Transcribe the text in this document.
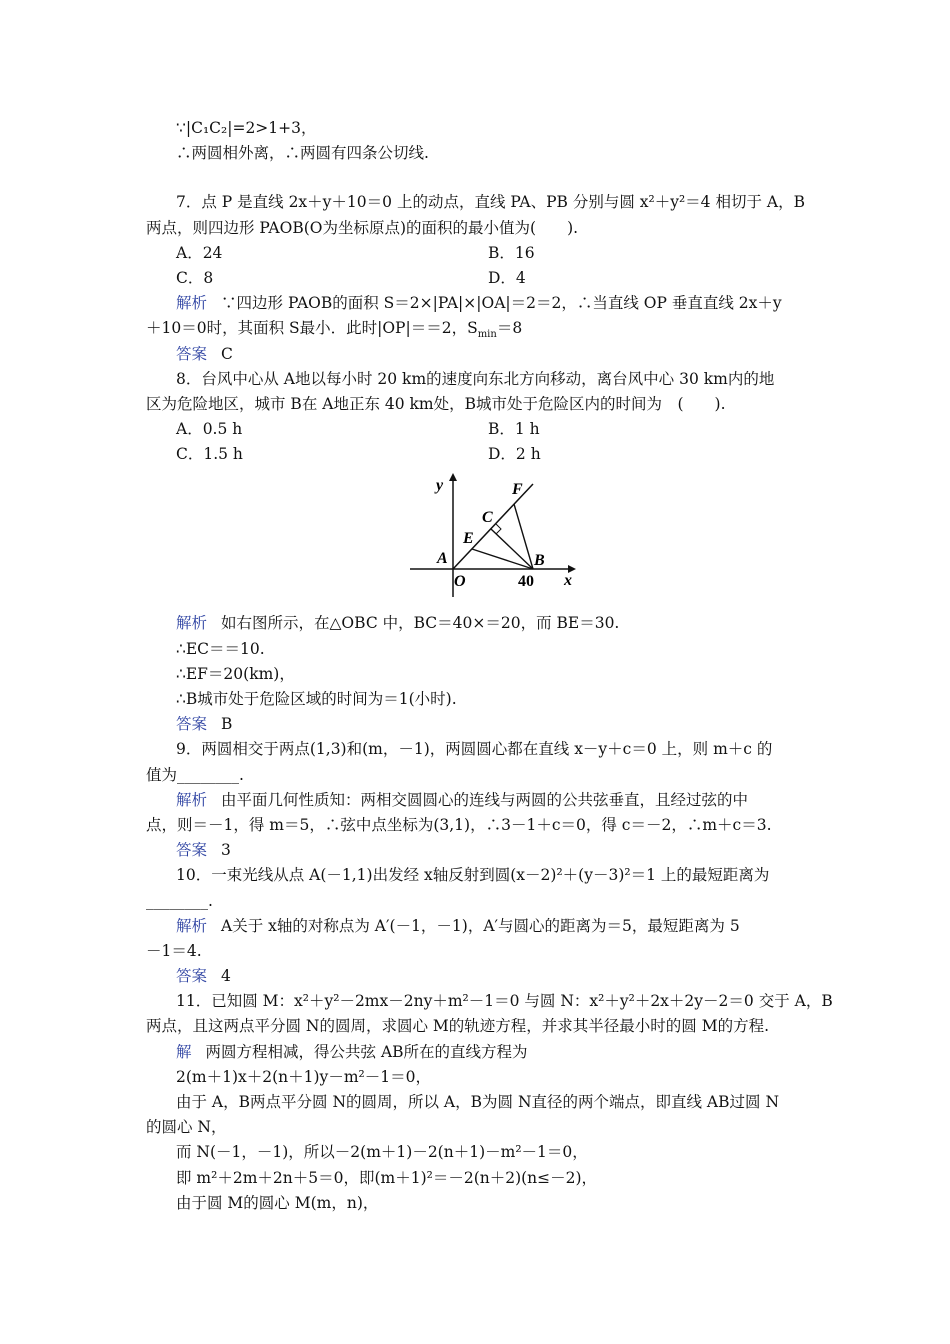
∵|C₁C₂|=2>1+3，
∴两圆相外离，∴两圆有四条公切线.
7．点 P 是直线 2x＋y＋10＝0 上的动点，直线 PA、PB 分别与圆 x²＋y²＝4 相切于 A，B
两点，则四边形 PAOB(O为坐标原点)的面积的最小值为(　　).
A．24	B．16
C．8	D．4
解析 ∵四边形 PAOB的面积 S＝2×|PA|×|OA|＝2＝2，∴当直线 OP 垂直直线 2x＋y
＋10＝0时，其面积 S最小．此时|OP|＝＝2，$S_{min}=8$
答案 C
8．台风中心从 A地以每小时 20 km的速度向东北方向移动，离台风中心 30 km内的地
区为危险地区，城市 B在 A地正东 40 km处，B城市处于危险区内的时间为　(　　).
A．0.5 h	B．1 h
C．1.5 h	D．2 h
y
x
F
C
E
A
O
B
40
解析 如右图所示，在△OBC 中，BC＝40×＝20，而 BE＝30.
∴EC＝＝10.
∴EF＝20(km)，
∴B城市处于危险区域的时间为＝1(小时).
答案 B
9．两圆相交于两点(1,3)和(m，－1)，两圆圆心都在直线 x－y＋c＝0 上，则 m＋c 的
值为________.
解析 由平面几何性质知：两相交圆圆心的连线与两圆的公共弦垂直，且经过弦的中
点，则＝－1，得 m＝5，∴弦中点坐标为(3,1)，∴3－1＋c＝0，得 c＝－2，∴m＋c＝3.
答案 3
10．一束光线从点 A(－1,1)出发经 x轴反射到圆(x－2)²＋(y－3)²＝1 上的最短距离为
________.
解析 A关于 x轴的对称点为 A′(－1，－1)，A′与圆心的距离为＝5，最短距离为 5
－1＝4.
答案 4
11．已知圆 M：x²＋y²－2mx－2ny＋m²－1＝0 与圆 N：x²＋y²＋2x＋2y－2＝0 交于 A，B
两点，且这两点平分圆 N的圆周，求圆心 M的轨迹方程，并求其半径最小时的圆 M的方程.
解 两圆方程相减，得公共弦 AB所在的直线方程为
2(m＋1)x＋2(n＋1)y－m²－1＝0，
由于 A，B两点平分圆 N的圆周，所以 A，B为圆 N直径的两个端点，即直线 AB过圆 N
的圆心 N，
而 N(－1，－1)，所以－2(m＋1)－2(n＋1)－m²－1＝0，
即 m²＋2m＋2n＋5＝0，即(m＋1)²＝－2(n＋2)(n≤－2)，
由于圆 M的圆心 M(m，n)，
